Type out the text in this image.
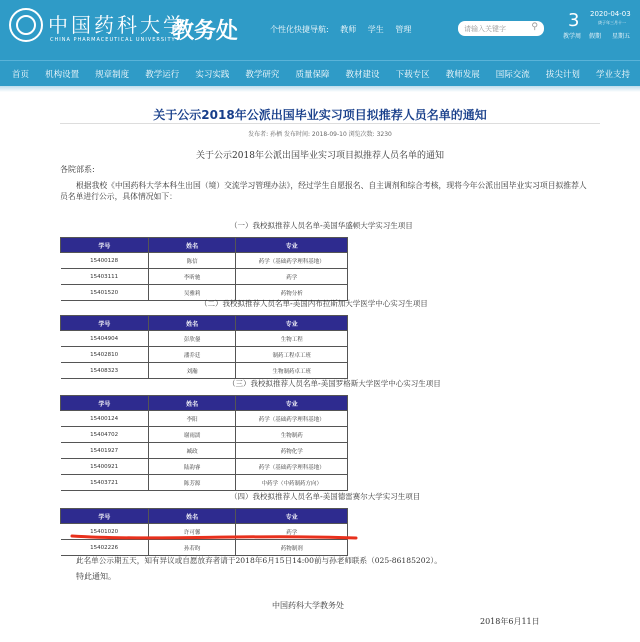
中国药科大学
CHINA PHARMACEUTICAL UNIVERSITY
教务处	个性化快捷导航: 教师 学生 管理	请输入关键字	⚲ 3 2020-04-03
庚子年三月十一
教学周 假期 星期五
首页 机构设置 规章制度 教学运行 实习实践 教学研究 质量保障 教材建设 下载专区 教师发展 国际交流 拔尖计划 学业支持
关于公示2018年公派出国毕业实习项目拟推荐人员名单的通知
发布者: 孙栖 发布时间: 2018-09-10 浏览次数: 3230
关于公示2018年公派出国毕业实习项目拟推荐人员名单的通知
各院部系:
根据我校《中国药科大学本科生出国（境）交流学习管理办法》，经过学生自愿报名、自主调剂和综合考核，现将今年公派出国毕业实习项目拟推荐人员名单进行公示，具体情况如下：
（一）我校拟推荐人员名单-美国华盛顿大学实习生项目
学号	姓名	专业
15400128	陈信	药学（基础药学理科基地）
15403111	李昕驰	药学
15401520	吴雅莉	药物分析
（二）我校拟推荐人员名单-美国内布拉斯加大学医学中心实习生项目
学号	姓名	专业
15404904	彭欣鋆	生物工程
15402810	潘乔廷	制药工程卓工班
15408323	刘瀚	生物制药卓工班
（三）我校拟推荐人员名单-美国罗格斯大学医学中心实习生项目
学号	姓名	专业
15400124	李阳	药学（基础药学理科基地）
15404702	谢雨濡	生物制药
15401927	臧政	药物化学
15400921	陆韵睿	药学（基础药学理科基地）
15403721	陈芳源	中药学（中药制药方向）
（四）我校拟推荐人员名单-美国德雷赛尔大学实习生项目
学号	姓名	专业
15401020	许可馨	药学
15402226	孙若昀	药物制剂
此名单公示期五天，知有异议或自愿放弃者请于2018年6月15日14:00前与孙老师联系（025-86185202）。
特此通知。
中国药科大学教务处
2018年6月11日
